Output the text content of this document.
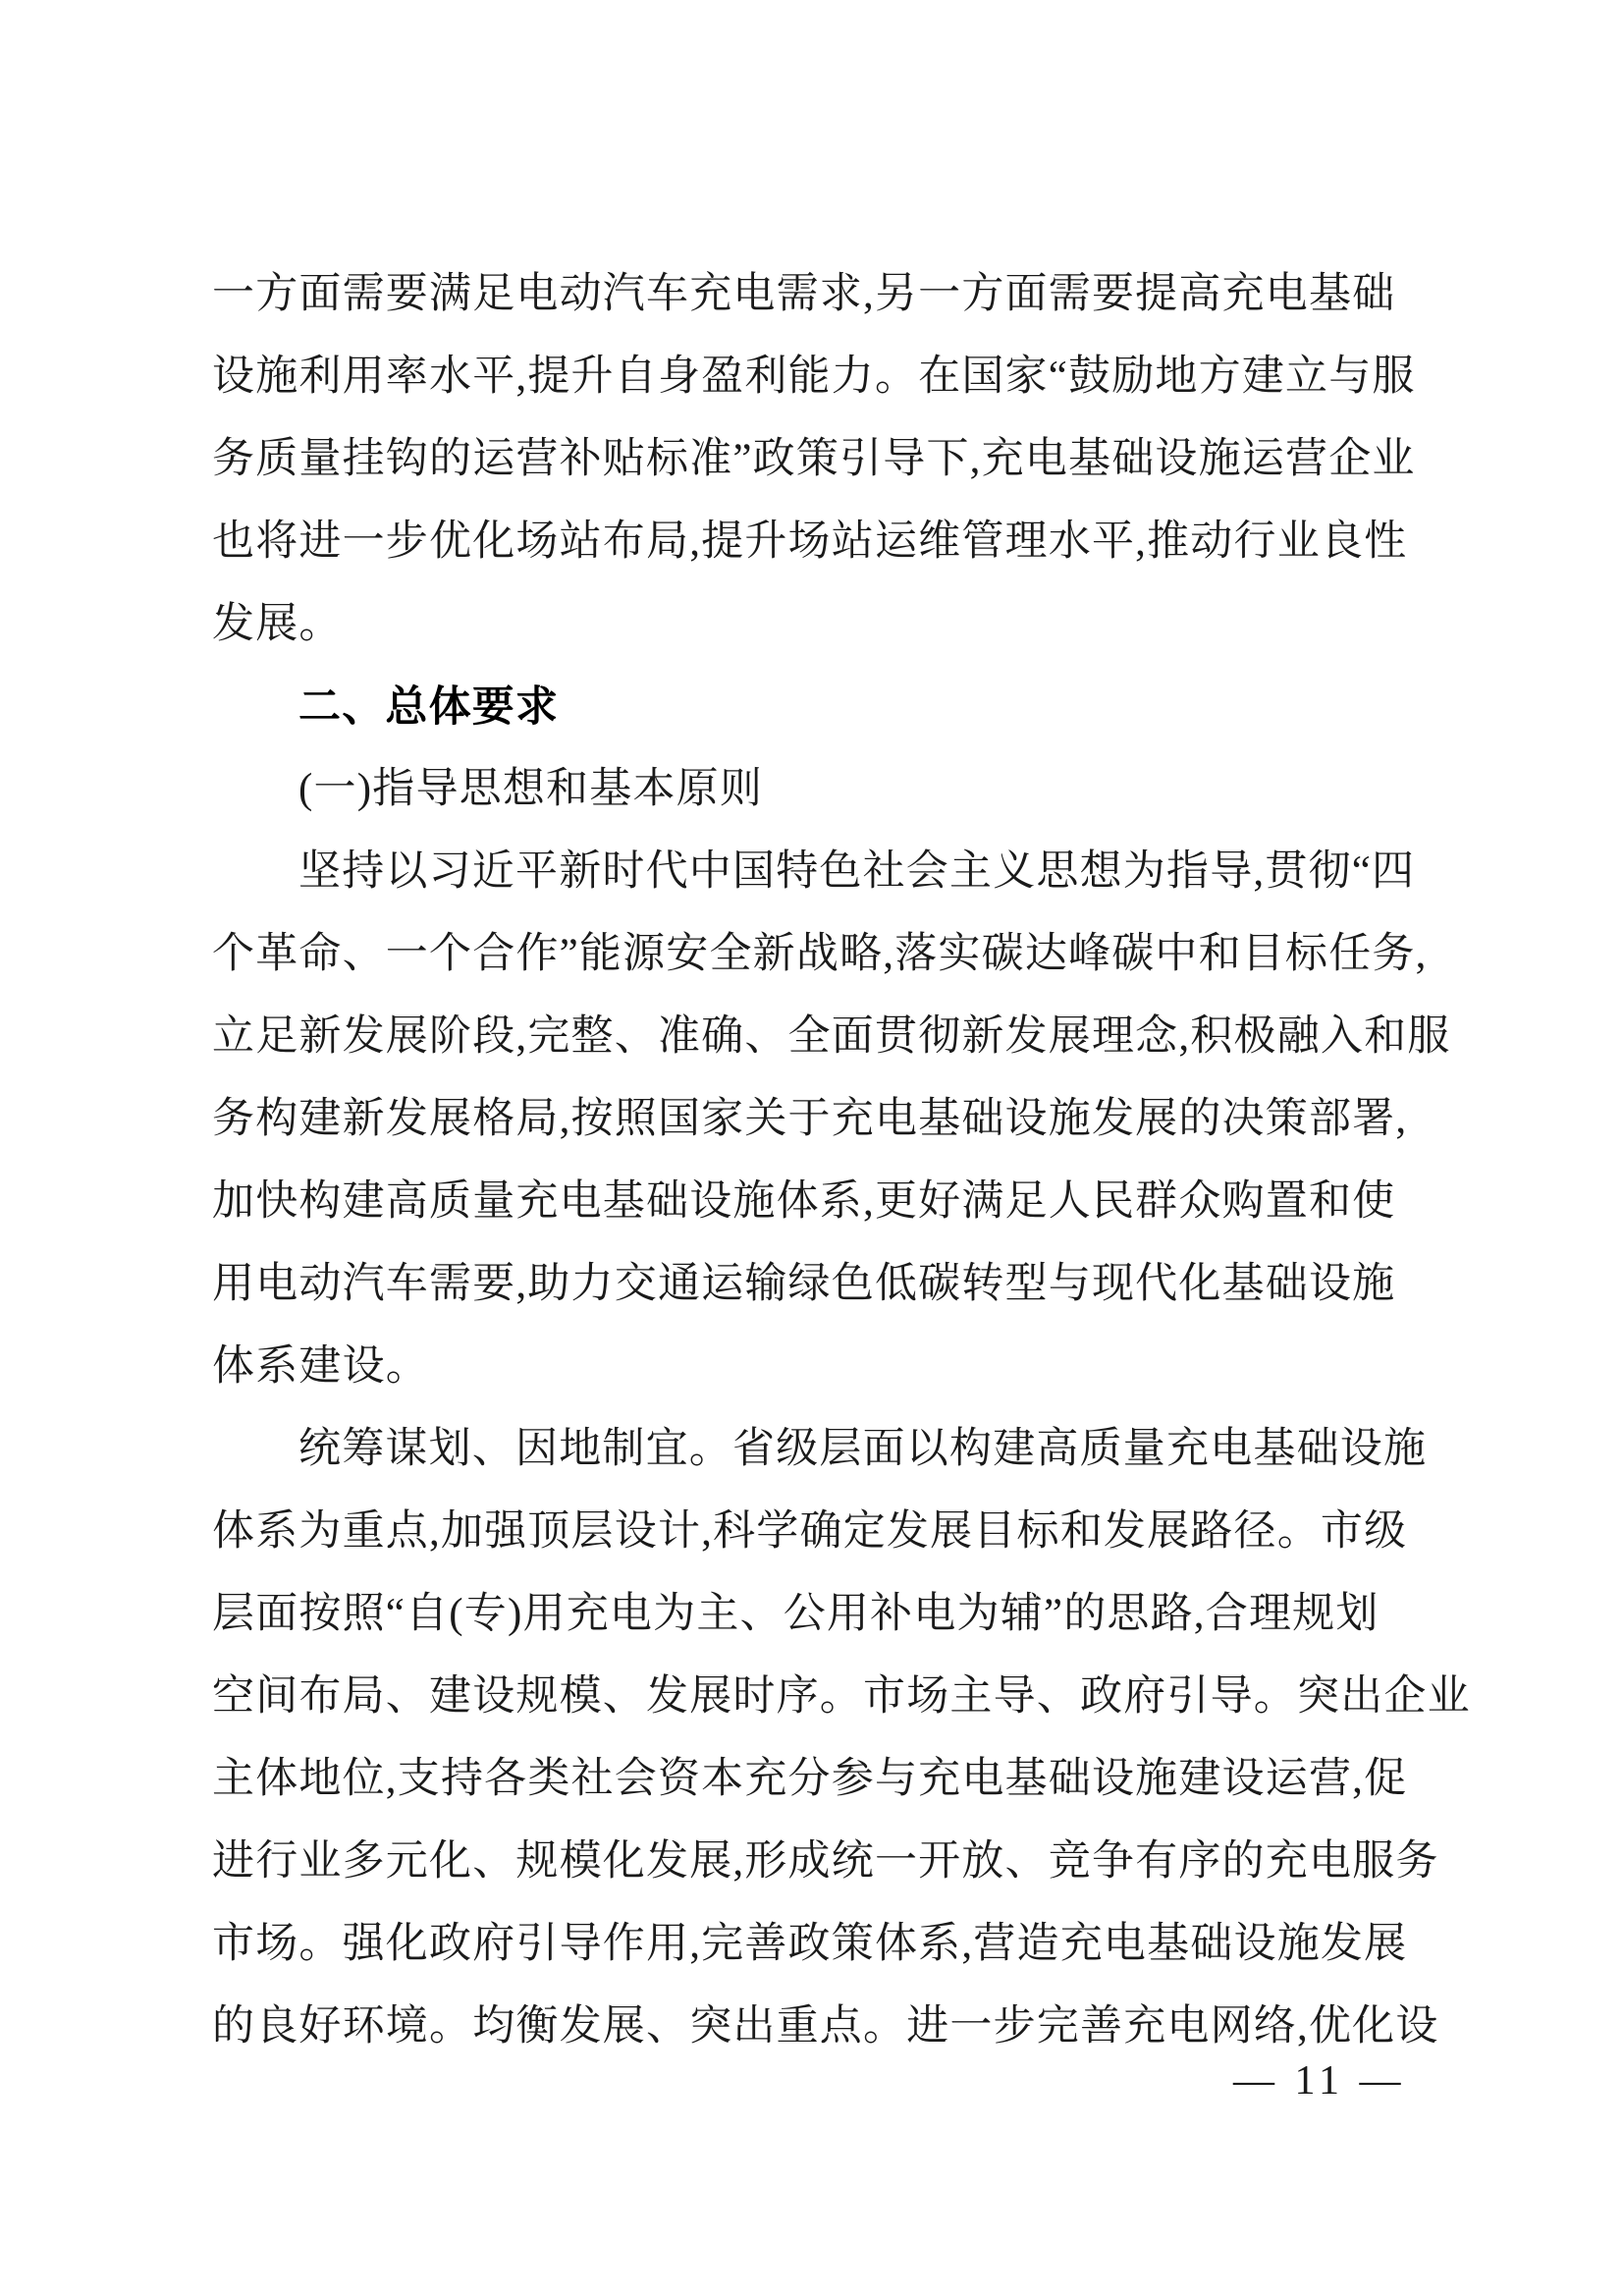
一方面需要满足电动汽车充电需求,另一方面需要提高充电基础
设施利用率水平,提升自身盈利能力。在国家“鼓励地方建立与服
务质量挂钩的运营补贴标准”政策引导下,充电基础设施运营企业
也将进一步优化场站布局,提升场站运维管理水平,推动行业良性
发展。
二、总体要求
(一)指导思想和基本原则
坚持以习近平新时代中国特色社会主义思想为指导,贯彻“四
个革命、一个合作”能源安全新战略,落实碳达峰碳中和目标任务,
立足新发展阶段,完整、准确、全面贯彻新发展理念,积极融入和服
务构建新发展格局,按照国家关于充电基础设施发展的决策部署,
加快构建高质量充电基础设施体系,更好满足人民群众购置和使
用电动汽车需要,助力交通运输绿色低碳转型与现代化基础设施
体系建设。
统筹谋划、因地制宜。省级层面以构建高质量充电基础设施
体系为重点,加强顶层设计,科学确定发展目标和发展路径。市级
层面按照“自(专)用充电为主、公用补电为辅”的思路,合理规划
空间布局、建设规模、发展时序。市场主导、政府引导。突出企业
主体地位,支持各类社会资本充分参与充电基础设施建设运营,促
进行业多元化、规模化发展,形成统一开放、竞争有序的充电服务
市场。强化政府引导作用,完善政策体系,营造充电基础设施发展
的良好环境。均衡发展、突出重点。进一步完善充电网络,优化设
— 11 —
